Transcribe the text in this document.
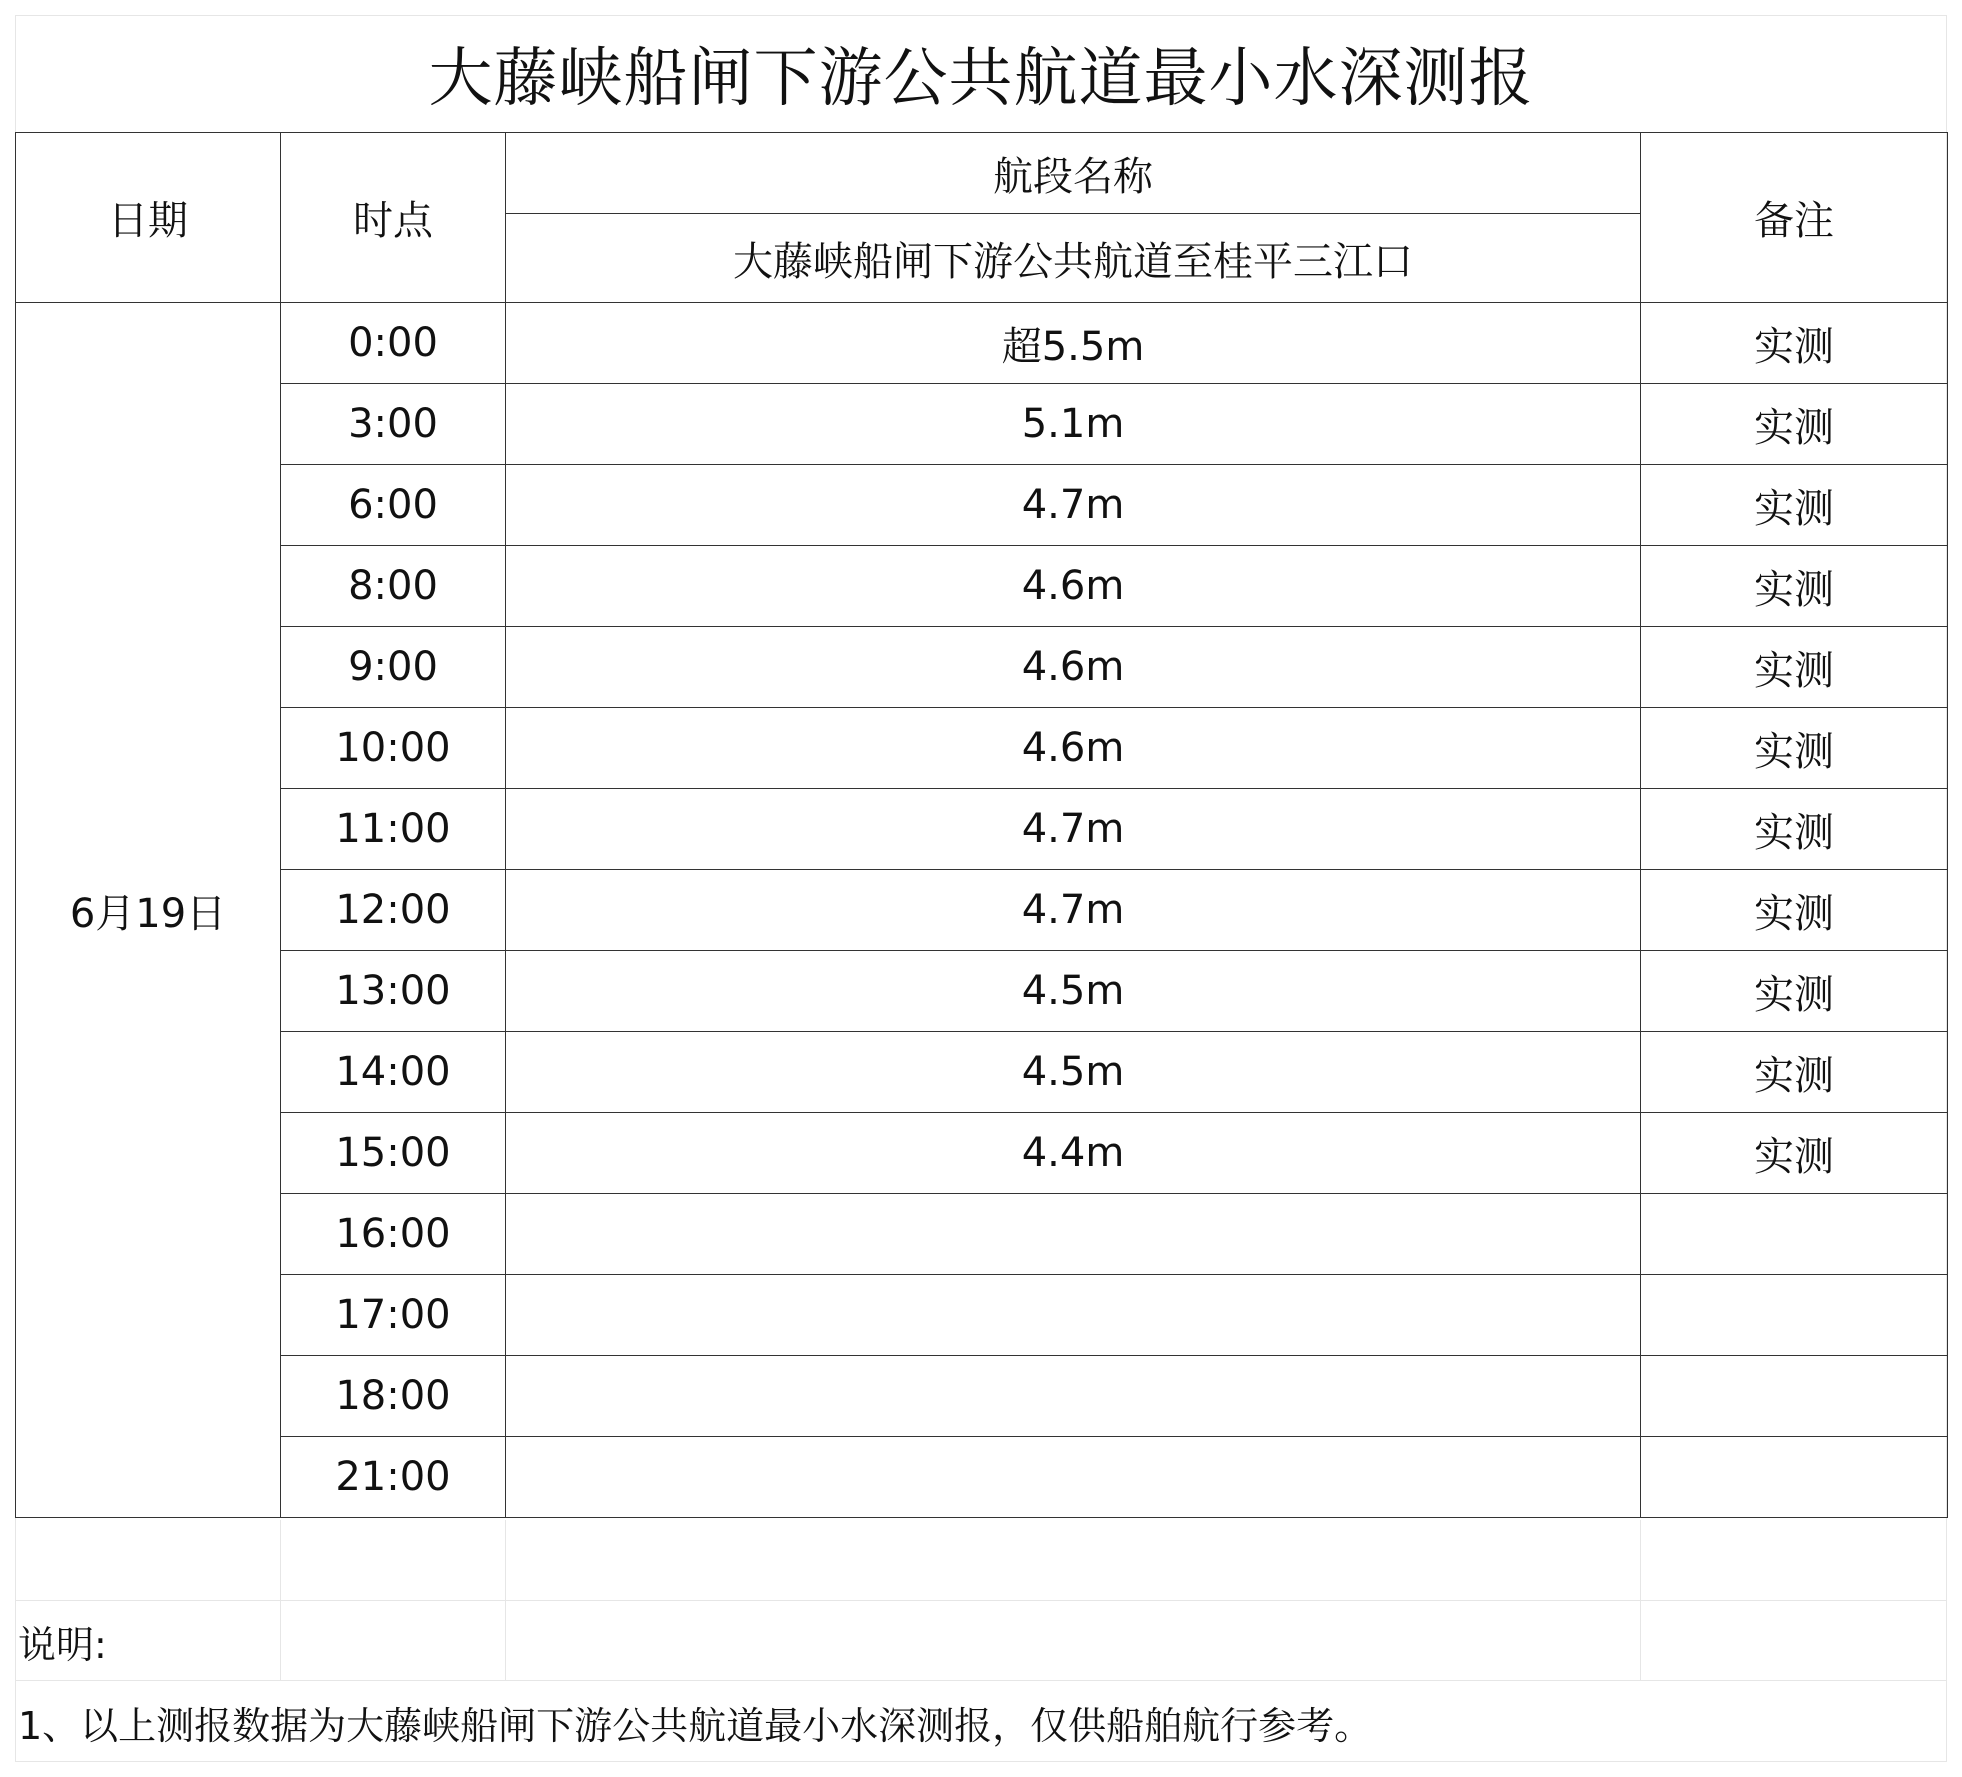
大藤峡船闸下游公共航道最小水深测报
日期	时点	航段名称	备注
		大藤峡船闸下游公共航道至桂平三江口	
6月19日	0:00	超5.5m	实测
	3:00	5.1m	实测
	6:00	4.7m	实测
	8:00	4.6m	实测
	9:00	4.6m	实测
	10:00	4.6m	实测
	11:00	4.7m	实测
	12:00	4.7m	实测
	13:00	4.5m	实测
	14:00	4.5m	实测
	15:00	4.4m	实测
	16:00		
	17:00		
	18:00		
	21:00		
说明:
1、以上测报数据为大藤峡船闸下游公共航道最小水深测报，仅供船舶航行参考。
